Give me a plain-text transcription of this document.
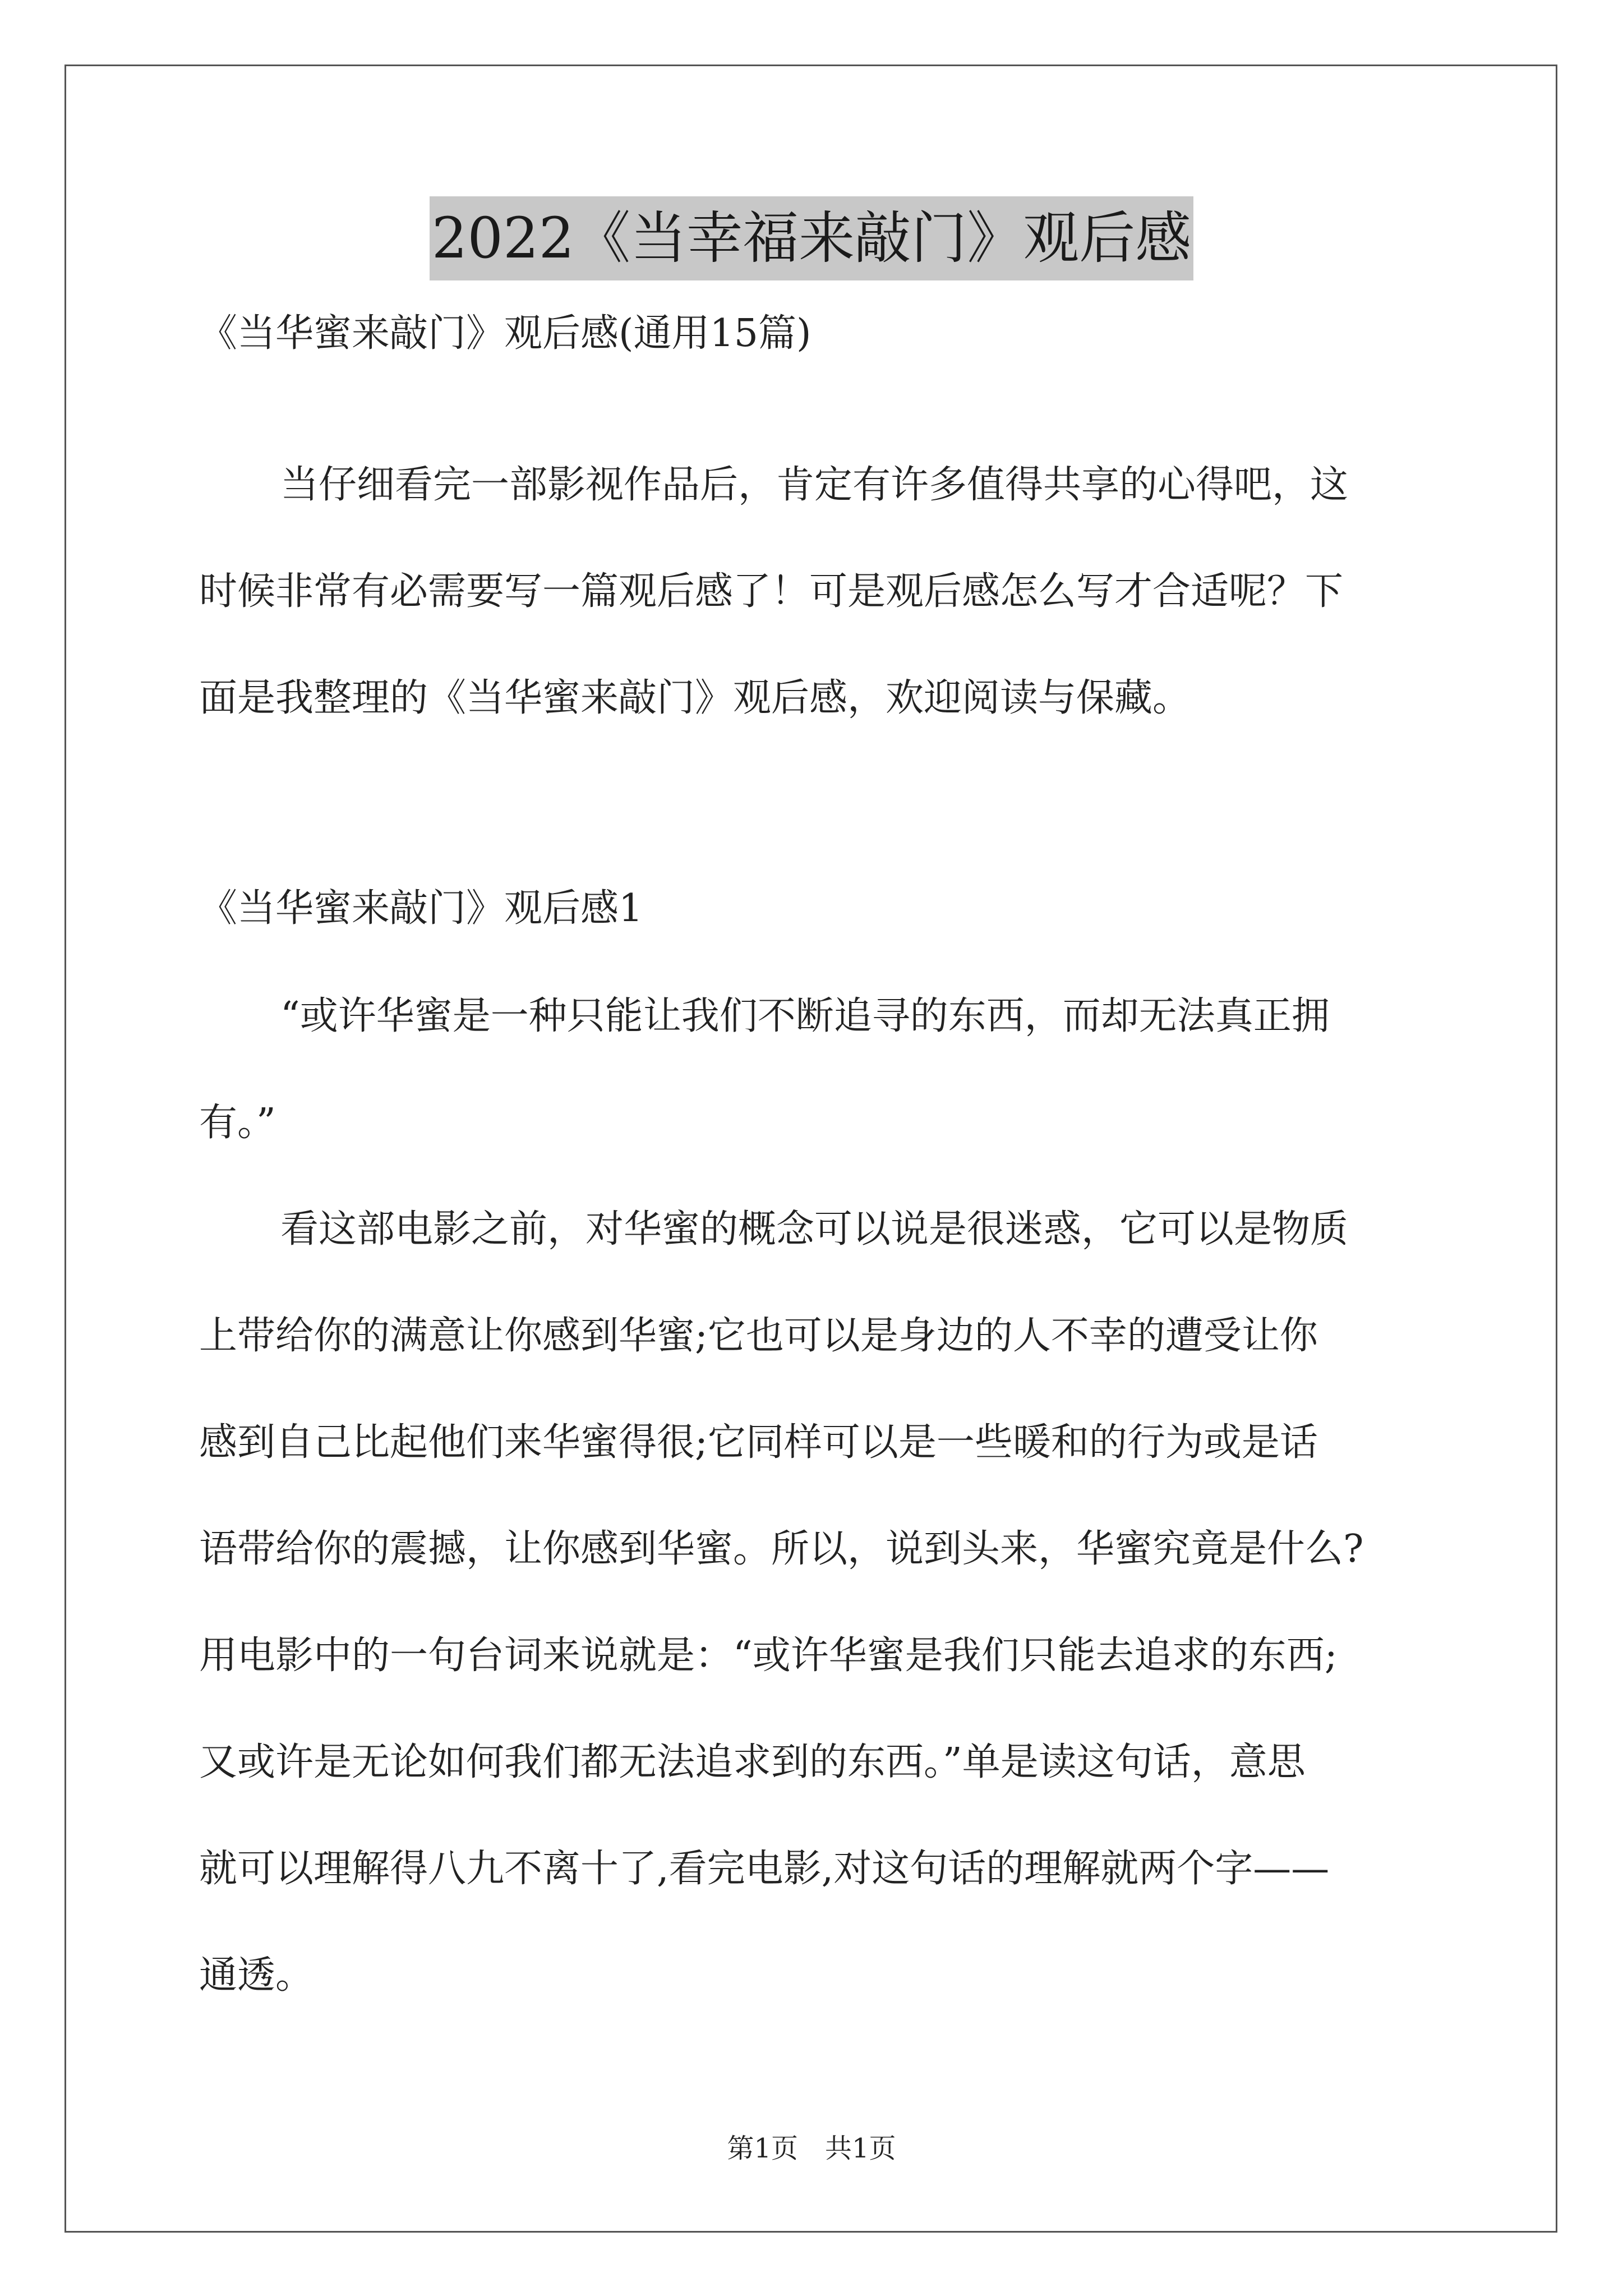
2022《当幸福来敲门》观后感
《当华蜜来敲门》观后感(通用15篇)
当仔细看完一部影视作品后，肯定有许多值得共享的心得吧，这
时候非常有必需要写一篇观后感了！可是观后感怎么写才合适呢？下
面是我整理的《当华蜜来敲门》观后感，欢迎阅读与保藏。
《当华蜜来敲门》观后感1
“或许华蜜是一种只能让我们不断追寻的东西，而却无法真正拥
有。”
看这部电影之前，对华蜜的概念可以说是很迷惑，它可以是物质
上带给你的满意让你感到华蜜;它也可以是身边的人不幸的遭受让你
感到自己比起他们来华蜜得很;它同样可以是一些暖和的行为或是话
语带给你的震撼，让你感到华蜜。所以，说到头来，华蜜究竟是什么?
用电影中的一句台词来说就是：“或许华蜜是我们只能去追求的东西;
又或许是无论如何我们都无法追求到的东西。”单是读这句话，意思
就可以理解得八九不离十了,看完电影,对这句话的理解就两个字——
通透。
第1页　共1页
